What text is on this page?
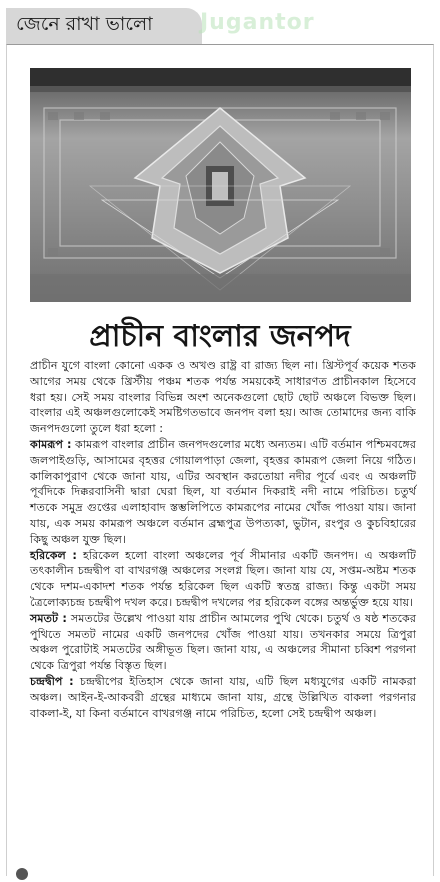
জেনে রাখা ভালো Jugantor
প্রাচীন বাংলার জনপদ

প্রাচীন যুগে বাংলা কোনো একক ও অখণ্ড রাষ্ট্র বা রাজ্য ছিল না। খ্রিস্টপূর্ব কয়েক শতক আগের সময় থেকে খ্রিস্টীয় পঞ্চম শতক পর্যন্ত সময়কেই সাধারণত প্রাচীনকাল হিসেবে ধরা হয়। সেই সময় বাংলার বিভিন্ন অংশ অনেকগুলো ছোট ছোট অঞ্চলে বিভক্ত ছিল। বাংলার এই অঞ্চলগুলোকেই সমষ্টিগতভাবে জনপদ বলা হয়। আজ তোমাদের জন্য বাকি জনপদগুলো তুলে ধরা হলো :

কামরূপ : কামরূপ বাংলার প্রাচীন জনপদগুলোর মধ্যে অন্যতম। এটি বর্তমান পশ্চিমবঙ্গের জলপাইগুড়ি, আসামের বৃহত্তর গোয়ালপাড়া জেলা, বৃহত্তর কামরূপ জেলা নিয়ে গঠিত। কালিকাপুরাণ থেকে জানা যায়, এটির অবস্থান করতোয়া নদীর পূর্বে এবং এ অঞ্চলটি পূর্বদিকে দিক্করবাসিনী দ্বারা ঘেরা ছিল, যা বর্তমান দিকরাই নদী নামে পরিচিত। চতুর্থ শতকে সমুদ্র গুপ্তের এলাহাবাদ স্তম্ভলিপিতে কামরূপের নামের খোঁজ পাওয়া যায়। জানা যায়, এক সময় কামরূপ অঞ্চলে বর্তমান ব্রহ্মপুত্র উপত্যকা, ভুটান, রংপুর ও কুচবিহারের কিছু অঞ্চল যুক্ত ছিল।

হরিকেল : হরিকেল হলো বাংলা অঞ্চলের পূর্ব সীমানার একটি জনপদ। এ অঞ্চলটি তৎকালীন চন্দ্রদ্বীপ বা বাখরগঞ্জ অঞ্চলের সংলগ্ন ছিল। জানা যায় যে, সপ্তম-অষ্টম শতক থেকে দশম-একাদশ শতক পর্যন্ত হরিকেল ছিল একটি স্বতন্ত্র রাজ্য। কিন্তু একটা সময় ত্রৈলোক্যচন্দ্র চন্দ্রদ্বীপ দখল করে। চন্দ্রদ্বীপ দখলের পর হরিকেল বঙ্গের অন্তর্ভুক্ত হয়ে যায়।

সমতট : সমতটের উল্লেখ পাওয়া যায় প্রাচীন আমলের পুথি থেকে। চতুর্থ ও ষষ্ঠ শতকের পুথিতে সমতট নামের একটি জনপদের খোঁজ পাওয়া যায়। তখনকার সময়ে ত্রিপুরা অঞ্চল পুরোটাই সমতটের অঙ্গীভূত ছিল। জানা যায়, এ অঞ্চলের সীমানা চব্বিশ পরগনা থেকে ত্রিপুরা পর্যন্ত বিস্তৃত ছিল।

চন্দ্রদ্বীপ : চন্দ্রদ্বীপের ইতিহাস থেকে জানা যায়, এটি ছিল মধ্যযুগের একটি নামকরা অঞ্চল। আইন-ই-আকবরী গ্রন্থের মাধ্যমে জানা যায়, গ্রন্থে উল্লিখিত বাকলা পরগনার বাকলা-ই, যা কিনা বর্তমানে বাখরগঞ্জ নামে পরিচিত, হলো সেই চন্দ্রদ্বীপ অঞ্চল।
